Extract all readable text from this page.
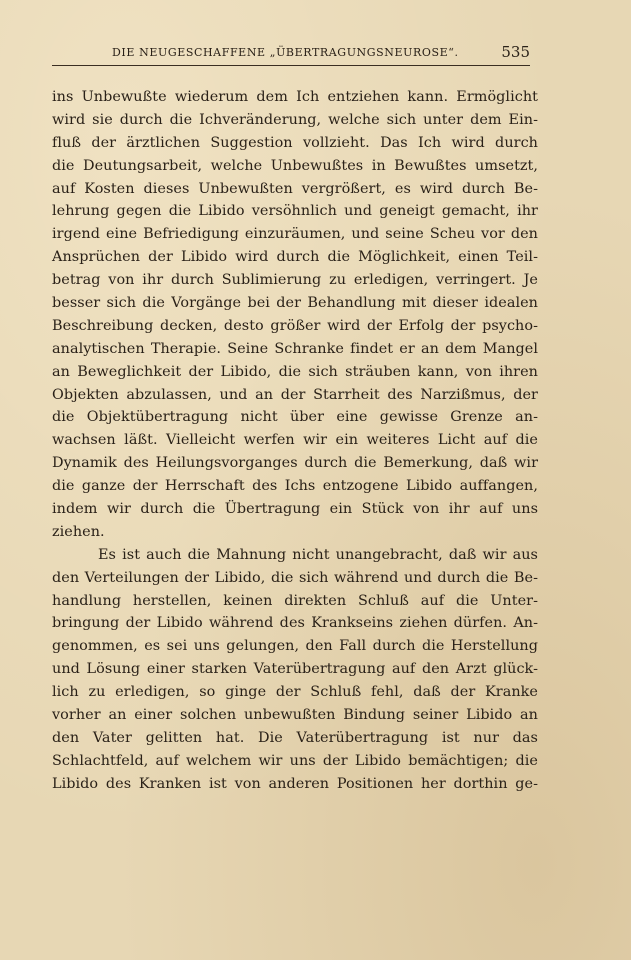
DIE NEUGESCHAFFENE „ÜBERTRAGUNGSNEUROSE“.	535
ins Unbewußte wiederum dem Ich entziehen kann. Ermöglicht
wird sie durch die Ichveränderung, welche sich unter dem Ein-
fluß der ärztlichen Suggestion vollzieht. Das Ich wird durch
die Deutungsarbeit, welche Unbewußtes in Bewußtes umsetzt,
auf Kosten dieses Unbewußten vergrößert, es wird durch Be-
lehrung gegen die Libido versöhnlich und geneigt gemacht, ihr
irgend eine Befriedigung einzuräumen, und seine Scheu vor den
Ansprüchen der Libido wird durch die Möglichkeit, einen Teil-
betrag von ihr durch Sublimierung zu erledigen, verringert. Je
besser sich die Vorgänge bei der Behandlung mit dieser idealen
Beschreibung decken, desto größer wird der Erfolg der psycho-
analytischen Therapie. Seine Schranke findet er an dem Mangel
an Beweglichkeit der Libido, die sich sträuben kann, von ihren
Objekten abzulassen, und an der Starrheit des Narzißmus, der
die Objektübertragung nicht über eine gewisse Grenze an-
wachsen läßt. Vielleicht werfen wir ein weiteres Licht auf die
Dynamik des Heilungsvorganges durch die Bemerkung, daß wir
die ganze der Herrschaft des Ichs entzogene Libido auffangen,
indem wir durch die Übertragung ein Stück von ihr auf uns
ziehen.
Es ist auch die Mahnung nicht unangebracht, daß wir aus
den Verteilungen der Libido, die sich während und durch die Be-
handlung herstellen, keinen direkten Schluß auf die Unter-
bringung der Libido während des Krankseins ziehen dürfen. An-
genommen, es sei uns gelungen, den Fall durch die Herstellung
und Lösung einer starken Vaterübertragung auf den Arzt glück-
lich zu erledigen, so ginge der Schluß fehl, daß der Kranke
vorher an einer solchen unbewußten Bindung seiner Libido an
den Vater gelitten hat. Die Vaterübertragung ist nur das
Schlachtfeld, auf welchem wir uns der Libido bemächtigen; die
Libido des Kranken ist von anderen Positionen her dorthin ge-
